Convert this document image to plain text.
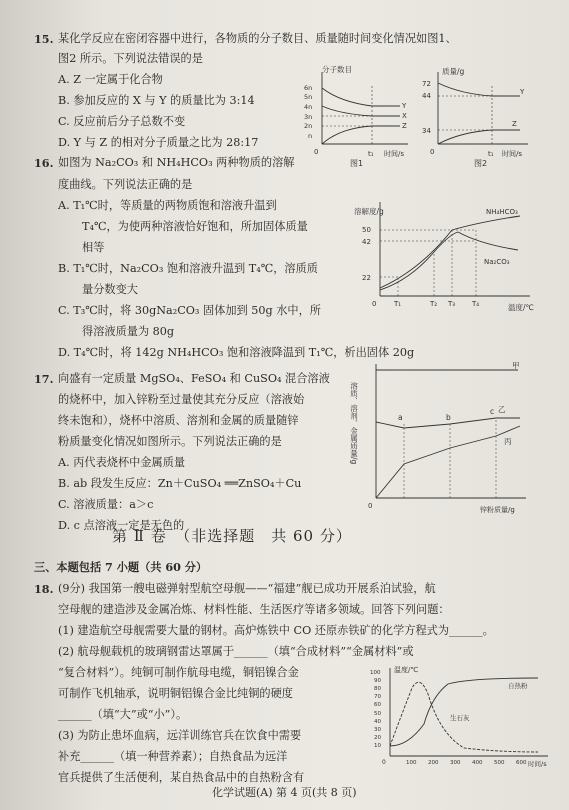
15. 某化学反应在密闭容器中进行，各物质的分子数目、质量随时间变化情况如图1、
图2 所示。下列说法错误的是
A. Z 一定属于化合物
B. 参加反应的 X 与 Y 的质量比为 3:14
C. 反应前后分子总数不变
D. Y 与 Z 的相对分子质量之比为 28:17
分子数目
时间/s
0	t₁
6n
5n
4n
3n
2n
n
Y
X
Z
图1
质量/g
时间/s
0	t₁
72
44
34
Y
Z
图2
16. 如图为 Na₂CO₃ 和 NH₄HCO₃ 两种物质的溶解
度曲线。下列说法正确的是
A. T₁℃时，等质量的两物质饱和溶液升温到
T₄℃，为使两种溶液恰好饱和，所加固体质量
相等
B. T₁℃时，Na₂CO₃ 饱和溶液升温到 T₄℃，溶质质
量分数变大
C. T₃℃时，将 30gNa₂CO₃ 固体加到 50g 水中，所
得溶液质量为 80g
D. T₄℃时，将 142g NH₄HCO₃ 饱和溶液降温到 T₁℃，析出固体 20g
溶解度/g
温度/℃
0
50
42
22
T₁	T₂ T₃ T₄
NH₄HCO₃
Na₂CO₃
17. 向盛有一定质量 MgSO₄、FeSO₄ 和 CuSO₄ 混合溶液
的烧杯中，加入锌粉至过量使其充分反应（溶液始
终未饱和），烧杯中溶质、溶剂和金属的质量随锌
粉质量变化情况如图所示。下列说法正确的是
A. 丙代表烧杯中金属质量
B. ab 段发生反应：Zn＋CuSO₄ ══ZnSO₄＋Cu
C. 溶液质量：a＞c
D. c 点溶液一定是无色的
溶质、溶剂、金属质量/g
锌粉质量/g
0
甲
乙
丙
a	b
c
第 Ⅱ 卷　（非选择题　共 60 分）
三、本题包括 7 小题（共 60 分）
18. (9分) 我国第一艘电磁弹射型航空母舰——“福建”舰已成功开展系泊试验，航
空母舰的建造涉及金属冶炼、材料性能、生活医疗等诸多领域。回答下列问题：
(1) 建造航空母舰需要大量的钢材。高炉炼铁中 CO 还原赤铁矿的化学方程式为______。
(2) 航母舰载机的玻璃钢雷达罩属于______（填“合成材料”“金属材料”或
“复合材料”）。纯铜可制作航母电缆，铜铝镍合金
可制作飞机轴承，说明铜铝镍合金比纯铜的硬度
______（填“大”或“小”）。
(3) 为防止患坏血病，远洋训练官兵在饮食中需要
补充______（填一种营养素）；自热食品为远洋
官兵提供了生活便利，某自热食品中的自热粉含有
温度/℃
时间/s
0
100
90
80
70
60
50
40
30
20
10
100 200 300 400 500 600
自热粉
生石灰
化学试题(A) 第 4 页(共 8 页)
